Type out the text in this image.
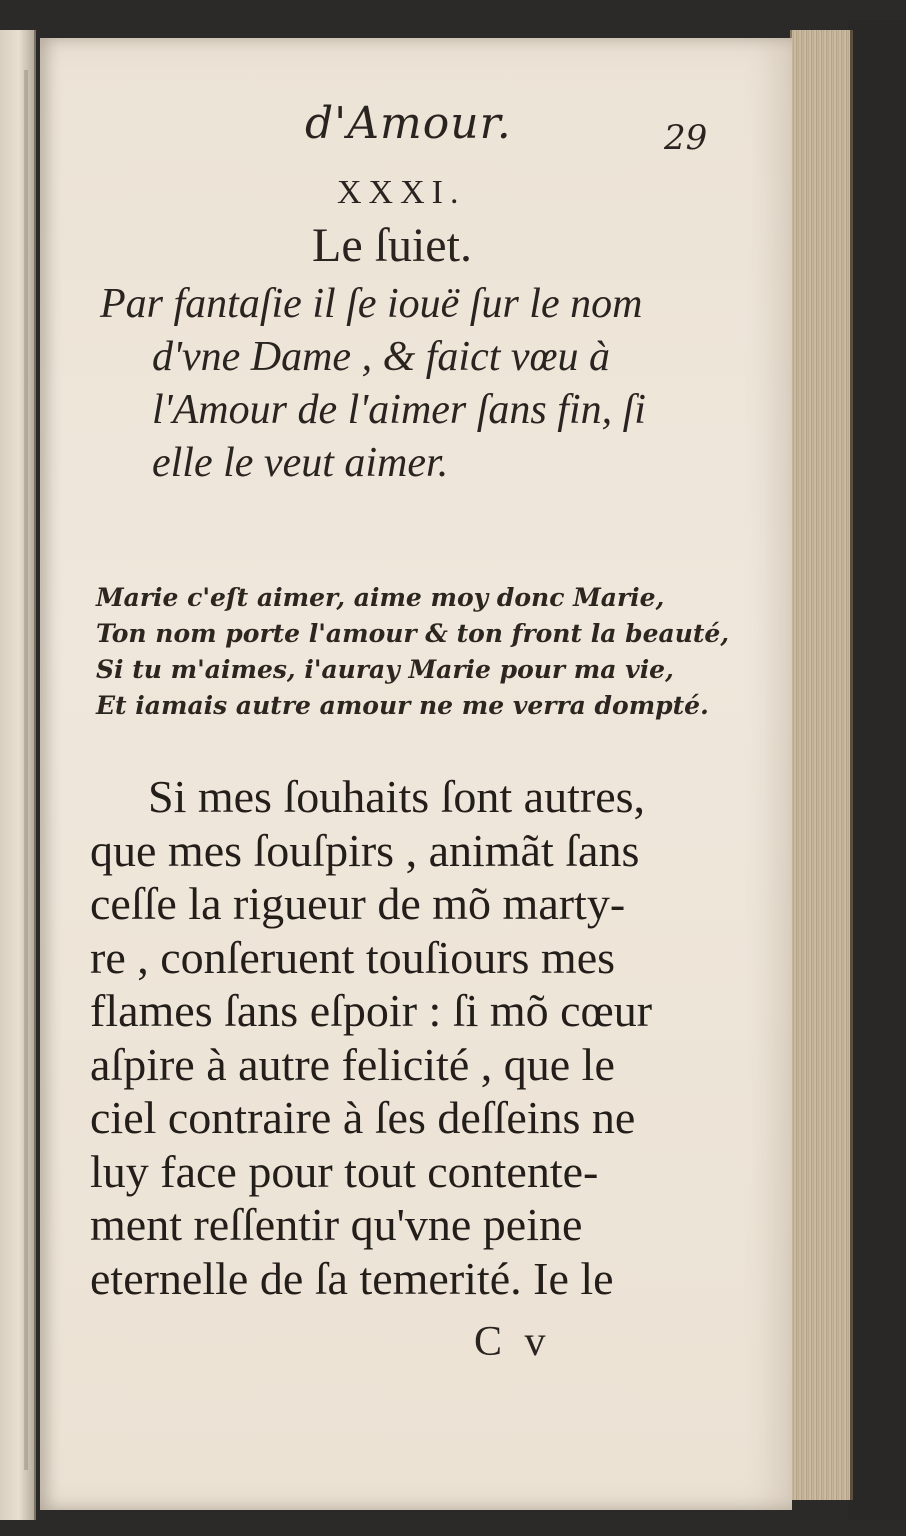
d'Amour.	29
XXXI.
Le ſuiet.
Par fantaſie il ſe iouë ſur le nom
d'vne Dame , & faict vœu à
l'Amour de l'aimer ſans fin, ſi
elle le veut aimer.
Marie c'eſt aimer, aime moy donc Marie,
Ton nom porte l'amour & ton front la beauté,
Si tu m'aimes, i'auray Marie pour ma vie,
Et iamais autre amour ne me verra dompté.
Si mes ſouhaits ſont autres,
que mes ſouſpirs , animãt ſans
ceſſe la rigueur de mõ marty-
re , conſeruent touſiours mes
flames ſans eſpoir : ſi mõ cœur
aſpire à autre felicité , que le
ciel contraire à ſes deſſeins ne
luy face pour tout contente-
ment reſſentir qu'vne peine
eternelle de ſa temerité. Ie le
C v
